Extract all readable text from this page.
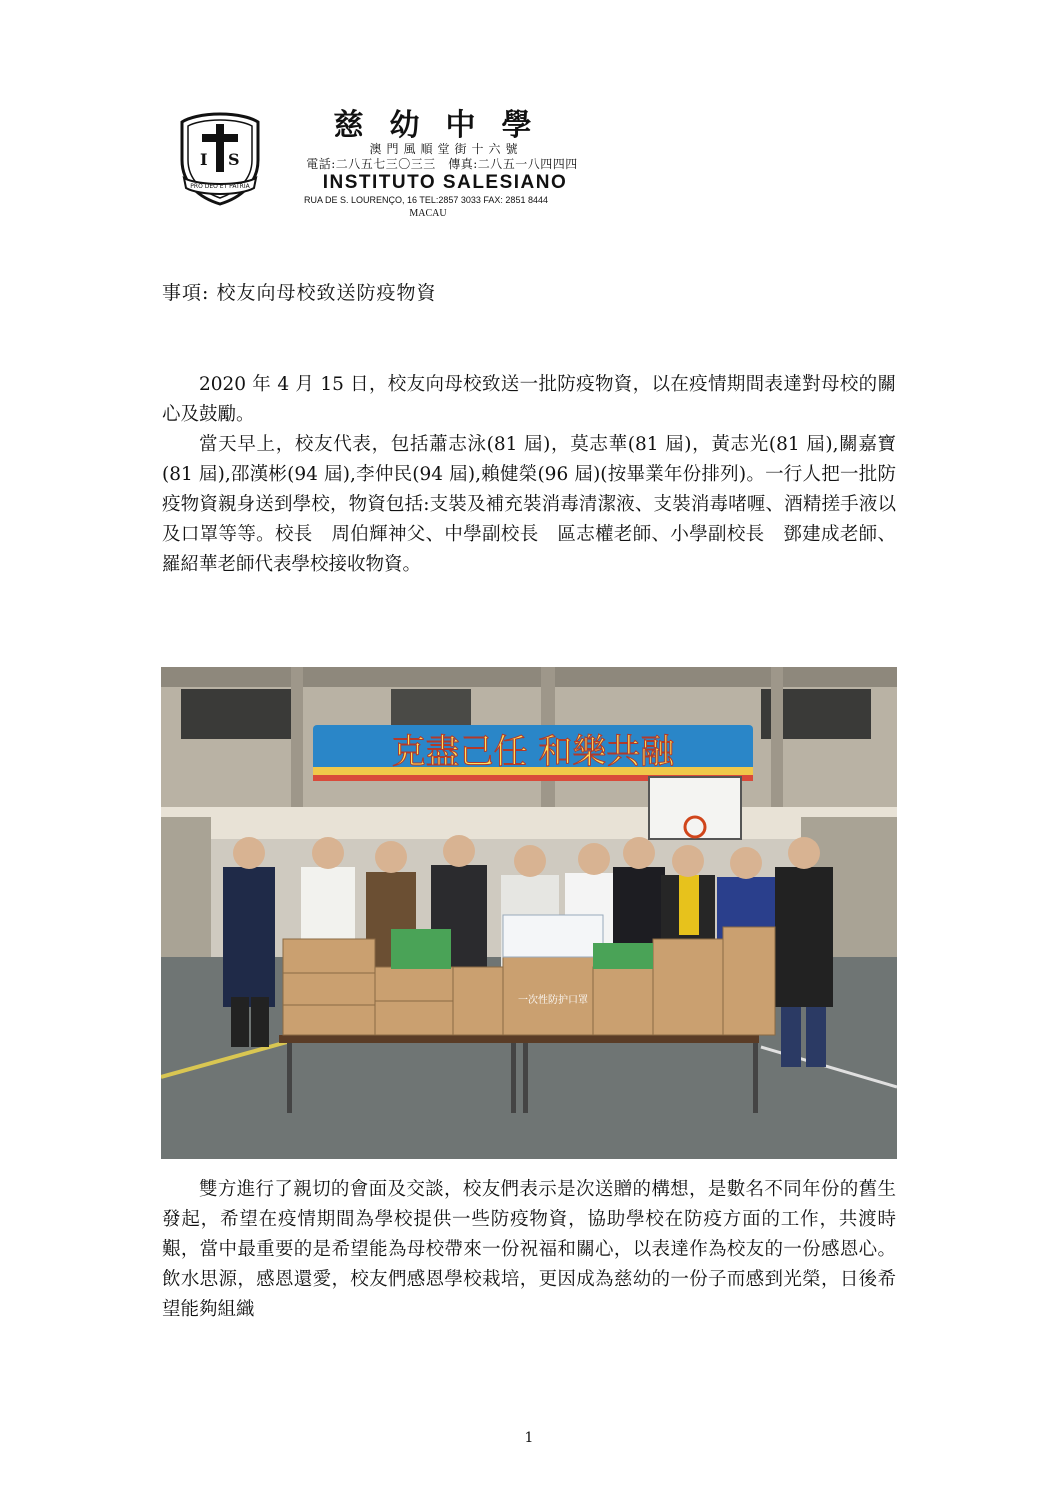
I S
PRO DEO ET PATRIA
慈幼中學
澳門風順堂街十六號
電話:二八五七三〇三三　傳真:二八五一八四四四
INSTITUTO SALESIANO
RUA DE S. LOURENÇO, 16 TEL:2857 3033 FAX: 2851 8444
MACAU
事項: 校友向母校致送防疫物資

2020 年 4 月 15 日，校友向母校致送一批防疫物資，以在疫情期間表達對母校的關心及鼓勵。

當天早上，校友代表，包括蕭志泳(81 屆)，莫志華(81 屆)，黃志光(81 屆),關嘉寶(81 屆),邵漢彬(94 屆),李仲民(94 屆),賴健榮(96 屆)(按畢業年份排列)。一行人把一批防疫物資親身送到學校，物資包括:支裝及補充裝消毒清潔液、支裝消毒啫喱、酒精搓手液以及口罩等等。校長　周伯輝神父、中學副校長　區志權老師、小學副校長　鄧建成老師、羅紹華老師代表學校接收物資。

克盡己任 和樂共融
一次性防护口罩

雙方進行了親切的會面及交談，校友們表示是次送贈的構想，是數名不同年份的舊生發起，希望在疫情期間為學校提供一些防疫物資，協助學校在防疫方面的工作，共渡時艱，當中最重要的是希望能為母校帶來一份祝福和關心，以表達作為校友的一份感恩心。飲水思源，感恩還愛，校友們感恩學校栽培，更因成為慈幼的一份子而感到光榮，日後希望能夠組織

1
